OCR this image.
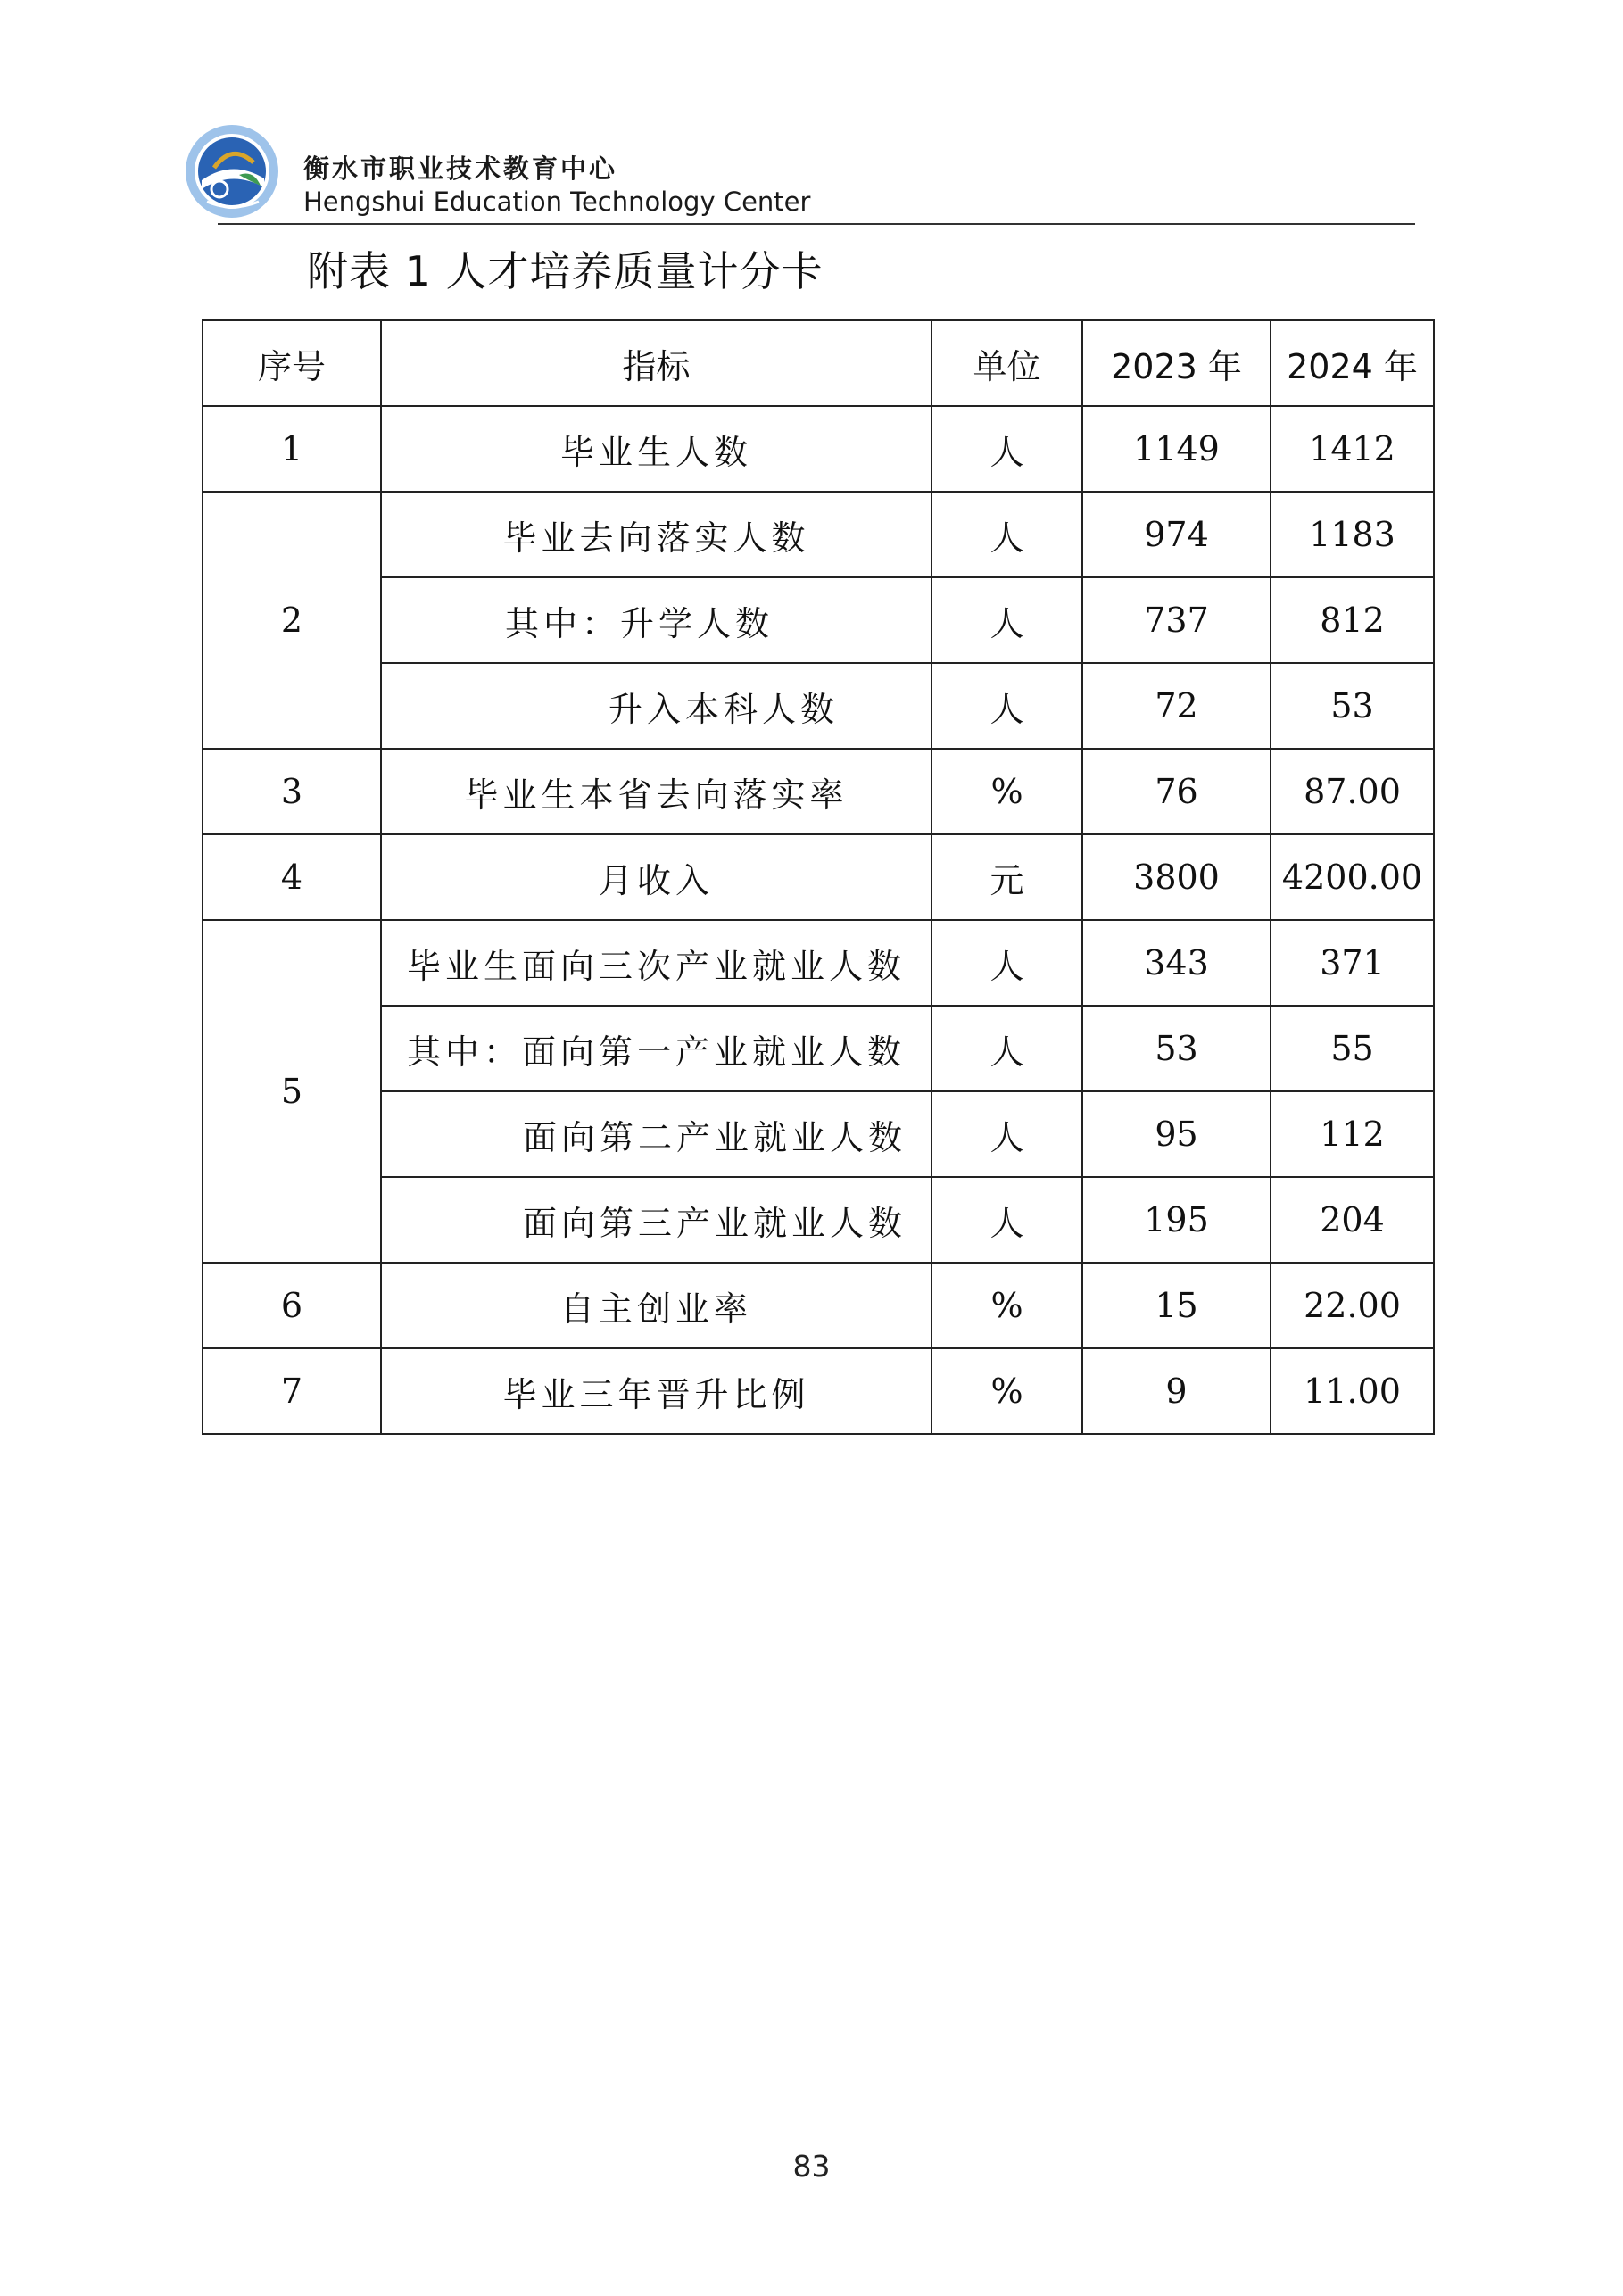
衡水市职业技术教育中心
Hengshui Education Technology Center
附表 1 人才培养质量计分卡
序号	指标	单位	2023 年	2024 年
1	毕业生人数	人	1149	1412
2	毕业去向落实人数	人	974	1183
	其中：升学人数	人	737	812
	升入本科人数	人	72	53
3	毕业生本省去向落实率	%	76	87.00
4	月收入	元	3800	4200.00
5	毕业生面向三次产业就业人数	人	343	371
	其中：面向第一产业就业人数	人	53	55
	面向第二产业就业人数	人	95	112
	面向第三产业就业人数	人	195	204
6	自主创业率	%	15	22.00
7	毕业三年晋升比例	%	9	11.00
83
